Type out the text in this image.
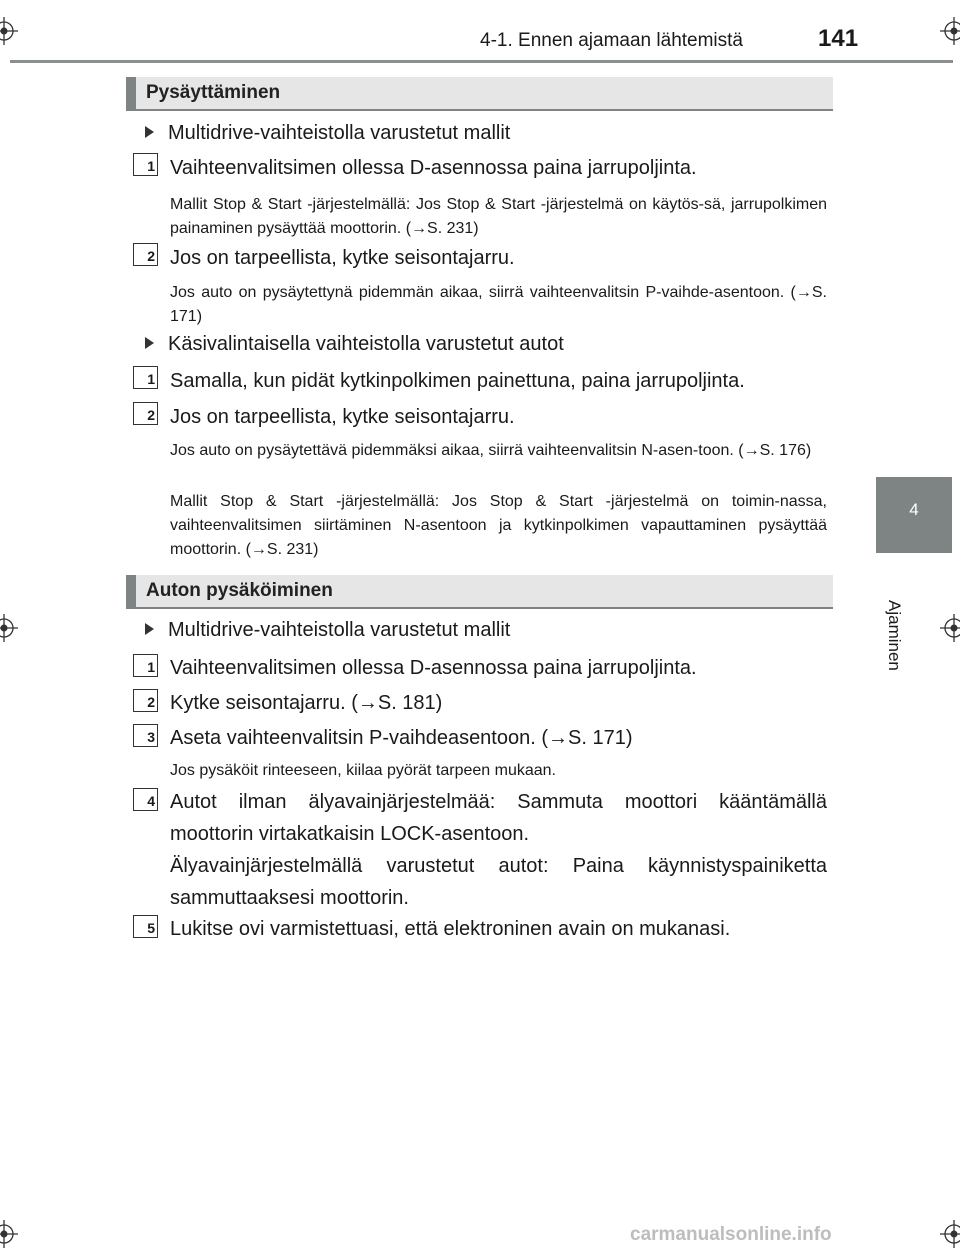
4-1. Ennen ajamaan lähtemistä	141
4
Ajaminen
Pysäyttäminen
Multidrive-vaihteistolla varustetut mallit
1 Vaihteenvalitsimen ollessa D-asennossa paina jarrupoljinta.
Mallit Stop & Start -järjestelmällä: Jos Stop & Start -järjestelmä on käytös-sä, jarrupolkimen painaminen pysäyttää moottorin. (→S. 231)
2 Jos on tarpeellista, kytke seisontajarru.
Jos auto on pysäytettynä pidemmän aikaa, siirrä vaihteenvalitsin P-vaihde-asentoon. (→S. 171)
Käsivalintaisella vaihteistolla varustetut autot
1 Samalla, kun pidät kytkinpolkimen painettuna, paina jarrupoljinta.
2 Jos on tarpeellista, kytke seisontajarru.
Jos auto on pysäytettävä pidemmäksi aikaa, siirrä vaihteenvalitsin N-asen-toon. (→S. 176)
Mallit Stop & Start -järjestelmällä: Jos Stop & Start -järjestelmä on toimin-nassa, vaihteenvalitsimen siirtäminen N-asentoon ja kytkinpolkimen vapauttaminen pysäyttää moottorin. (→S. 231)
Auton pysäköiminen
Multidrive-vaihteistolla varustetut mallit
1 Vaihteenvalitsimen ollessa D-asennossa paina jarrupoljinta.
2 Kytke seisontajarru. (→S. 181)
3 Aseta vaihteenvalitsin P-vaihdeasentoon. (→S. 171)
Jos pysäköit rinteeseen, kiilaa pyörät tarpeen mukaan.
4 Autot ilman älyavainjärjestelmää: Sammuta moottori kääntämällä moottorin virtakatkaisin LOCK-asentoon.
Älyavainjärjestelmällä varustetut autot: Paina käynnistyspainiketta sammuttaaksesi moottorin.
5 Lukitse ovi varmistettuasi, että elektroninen avain on mukanasi.
carmanualsonline.info
